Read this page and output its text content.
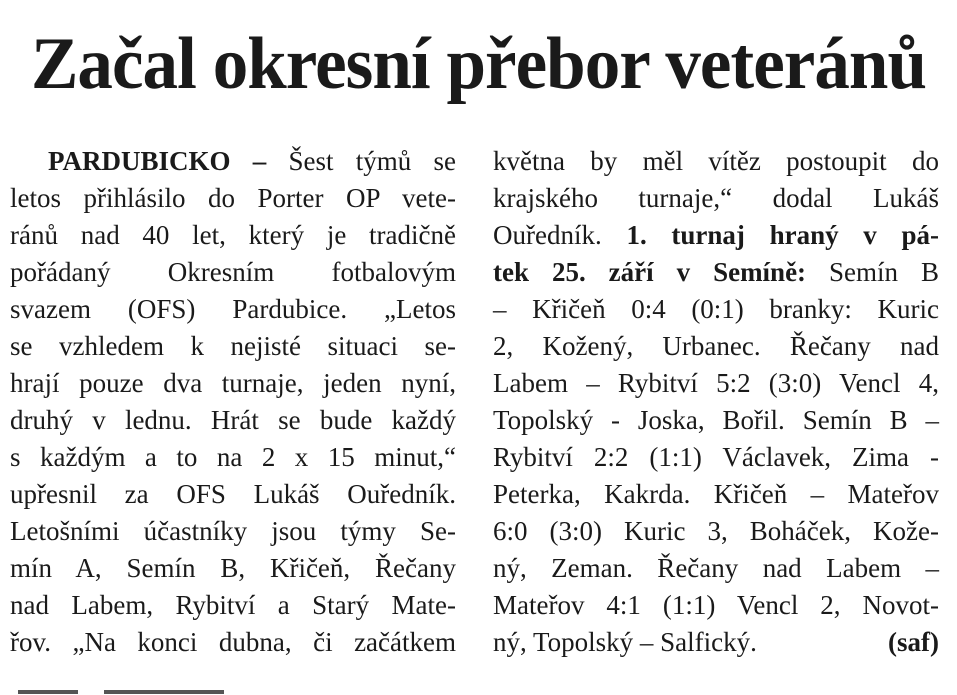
Začal okresní přebor veteránů
PARDUBICKO – Šest týmů se
letos přihlásilo do Porter OP vete-
ránů nad 40 let, který je tradičně
pořádaný Okresním fotbalovým
svazem (OFS) Pardubice. „Letos
se vzhledem k nejisté situaci se-
hrají pouze dva turnaje, jeden nyní,
druhý v lednu. Hrát se bude každý
s každým a to na 2 x 15 minut,“
upřesnil za OFS Lukáš Ouředník.
Letošními účastníky jsou týmy Se-
mín A, Semín B, Křičeň, Řečany
nad Labem, Rybitví a Starý Mate-
řov. „Na konci dubna, či začátkem
května by měl vítěz postoupit do
krajského turnaje,“ dodal Lukáš
Ouředník. 1. turnaj hraný v pá-
tek 25. září v Semíně: Semín B
– Křičeň 0:4 (0:1) branky: Kuric
2, Kožený, Urbanec. Řečany nad
Labem – Rybitví 5:2 (3:0) Vencl 4,
Topolský - Joska, Bořil. Semín B –
Rybitví 2:2 (1:1) Václavek, Zima -
Peterka, Kakrda. Křičeň – Mateřov
6:0 (3:0) Kuric 3, Boháček, Kože-
ný, Zeman. Řečany nad Labem –
Mateřov 4:1 (1:1) Vencl 2, Novot-
ný, Topolský – Salfický.	(saf)
